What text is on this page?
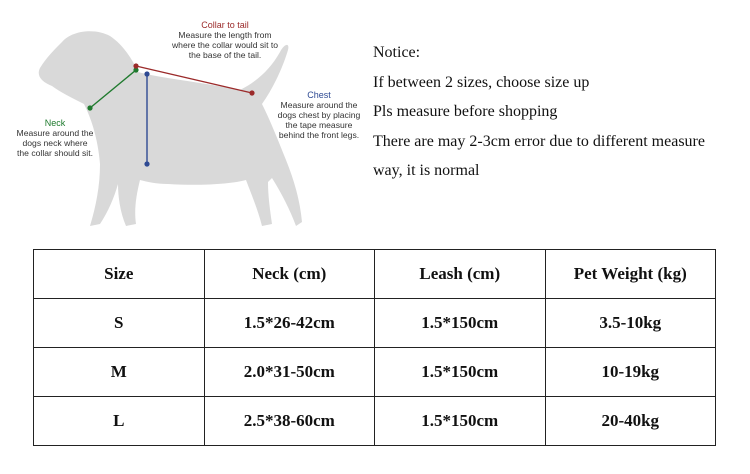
Neck
Measure around the dogs neck where the collar should sit.
Collar to tail
Measure the length from where the collar would sit to the base of the tail.
Chest
Measure around the dogs chest by placing the tape measure behind the front legs.
Notice:
If between 2 sizes, choose size up
Pls measure before shopping
There are may 2-3cm error due to different measure
way, it is normal
Size	Neck (cm)	Leash (cm)	Pet Weight (kg)
S	1.5*26-42cm	1.5*150cm	3.5-10kg
M	2.0*31-50cm	1.5*150cm	10-19kg
L	2.5*38-60cm	1.5*150cm	20-40kg
